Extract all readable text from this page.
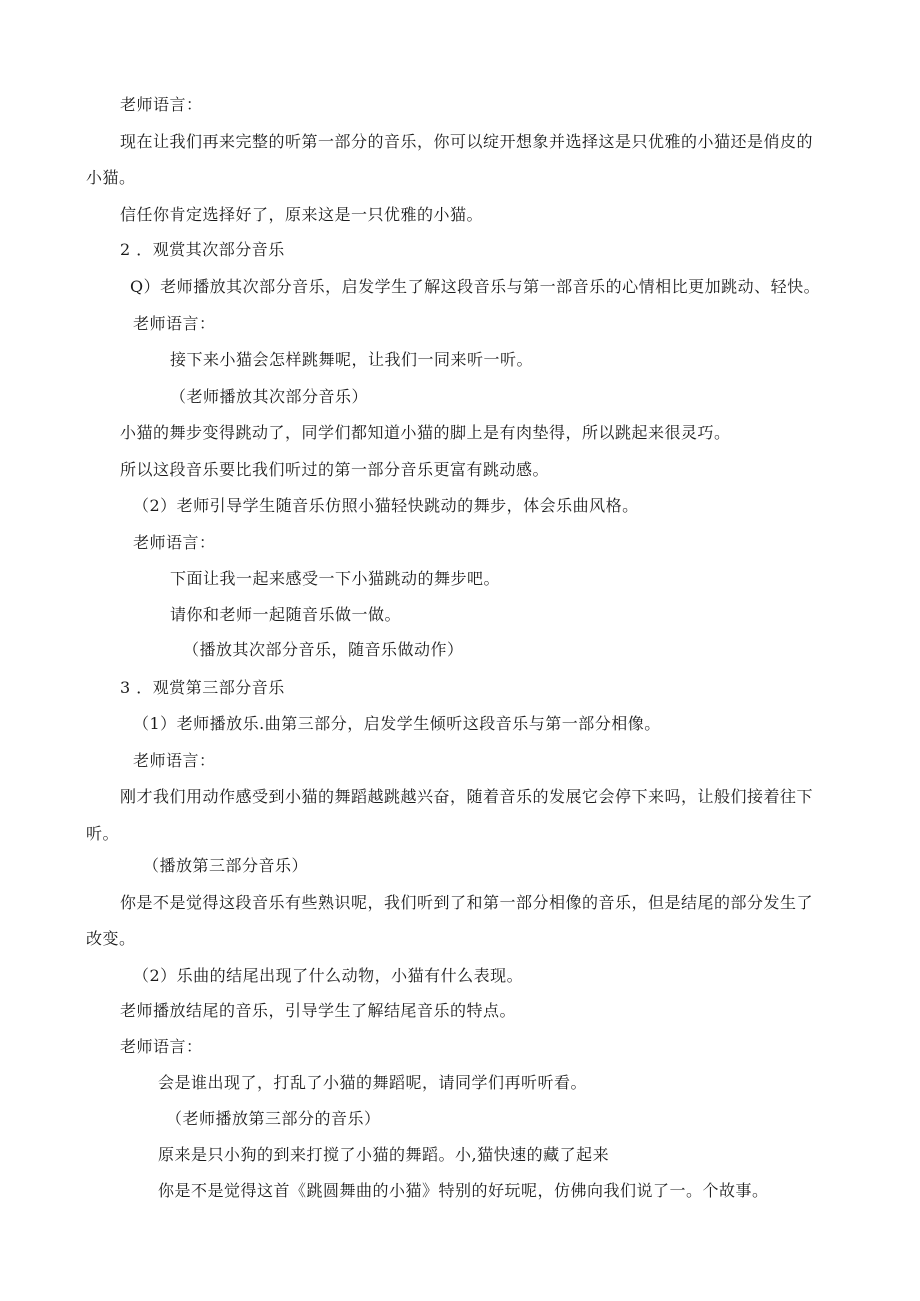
老师语言：
现在让我们再来完整的听第一部分的音乐，你可以绽开想象并选择这是只优雅的小猫还是俏皮的
小猫。
信任你肯定选择好了，原来这是一只优雅的小猫。
2 ．观赏其次部分音乐
Q）老师播放其次部分音乐，启发学生了解这段音乐与第一部音乐的心情相比更加跳动、轻快。
老师语言：
接下来小猫会怎样跳舞呢，让我们一同来听一听。
（老师播放其次部分音乐）
小猫的舞步变得跳动了，同学们都知道小猫的脚上是有肉垫得，所以跳起来很灵巧。
所以这段音乐要比我们听过的第一部分音乐更富有跳动感。
（2）老师引导学生随音乐仿照小猫轻快跳动的舞步，体会乐曲风格。
老师语言：
下面让我一起来感受一下小猫跳动的舞步吧。
请你和老师一起随音乐做一做。
（播放其次部分音乐，随音乐做动作）
3 ．观赏第三部分音乐
（1）老师播放乐.曲第三部分，启发学生倾听这段音乐与第一部分相像。
老师语言：
刚才我们用动作感受到小猫的舞蹈越跳越兴奋，随着音乐的发展它会停下来吗，让般们接着往下
听。
（播放第三部分音乐）
你是不是觉得这段音乐有些熟识呢，我们听到了和第一部分相像的音乐，但是结尾的部分发生了
改变。
（2）乐曲的结尾出现了什么动物，小猫有什么表现。
老师播放结尾的音乐，引导学生了解结尾音乐的特点。
老师语言：
会是谁出现了，打乱了小猫的舞蹈呢，请同学们再听听看。
（老师播放第三部分的音乐）
原来是只小狗的到来打搅了小猫的舞蹈。小,猫快速的藏了起来
你是不是觉得这首《跳圆舞曲的小猫》特别的好玩呢，仿佛向我们说了一。个故事。
